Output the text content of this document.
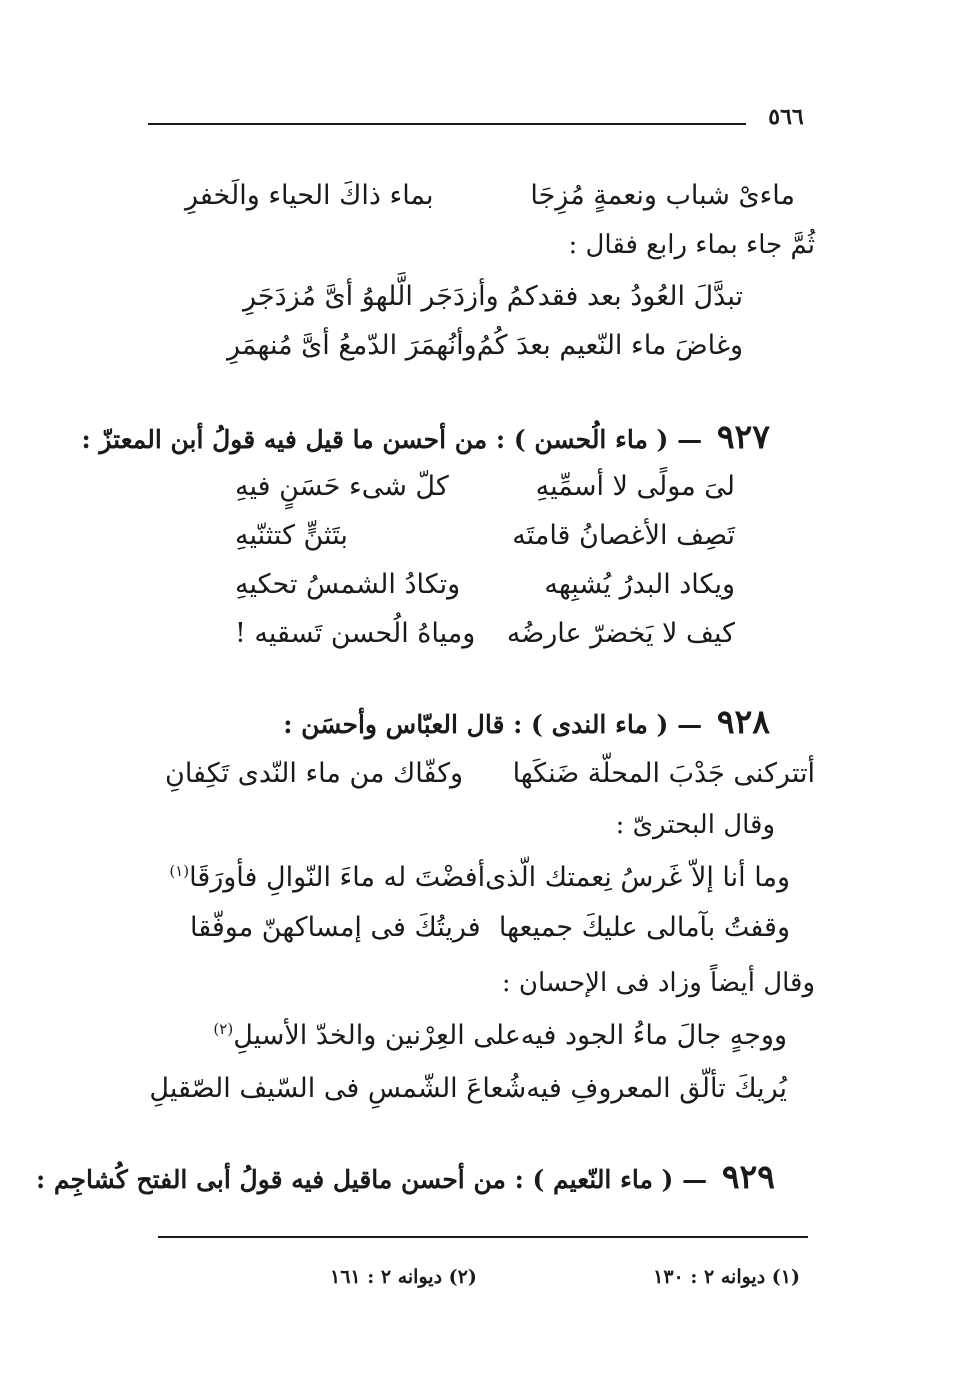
٥٦٦
ماءىْ شباب ونعمةٍ مُزِجَا
بماء ذاكَ الحياء والَخفرِ
ثُمَّ جاء بماء رابع فقال :
تبدَّلَ العُودُ بعد فقدكمُ
وأزدَجَر الَّلهوُ أىَّ مُزدَجَرِ
وغاضَ ماء النّعيم بعدَ كُمُ
وأنُهمَرَ الدّمعُ أىَّ مُنهمَرِ
٩٢٧ — ( ماء الُحسن ) : من أحسن ما قيل فيه قولُ أبن المعتزّ :
لىَ مولًى لا أسمِّيهِ
كلّ شىء حَسَنٍ فيهِ
تَصِف الأغصانُ قامتَه
بتَثنٍّ كتثنّيهِ
ويكاد البدرُ يُشبِهه
وتكادُ الشمسُ تحكيهِ
كيف لا يَخضرّ عارضُه
ومياهُ الُحسن تَسقيه !
٩٢٨ — ( ماء الندى ) : قال العبّاس وأحسَن :
أتتركنى جَدْبَ المحلّة ضَنكَها
وكفّاك من ماء النّدى تَكِفانِ
وقال البحترىّ :
وما أنا إلاّ غَرسُ نِعمتك الّذى
أفضْتَ له ماءَ النّوالِ فأورَقَا$^{(١)}$
وقفتُ بآمالى عليكَ جميعها
فريتُكَ فى إمساكهنّ موفّقا
وقال أيضاً وزاد فى الإحسان :
ووجهٍ جالَ ماءُ الجود فيه
على العِرْنين والخدّ الأسيلِ$^{(٢)}$
يُريكَ تألّق المعروفِ فيه
شُعاعَ الشّمسِ فى السّيف الصّقيلِ
٩٢٩ — ( ماء النّعيم ) : من أحسن ماقيل فيه قولُ أبى الفتح كُشاجِم :
(١) ديوانه ٢ : ١٣٠
(٢) ديوانه ٢ : ١٦١
